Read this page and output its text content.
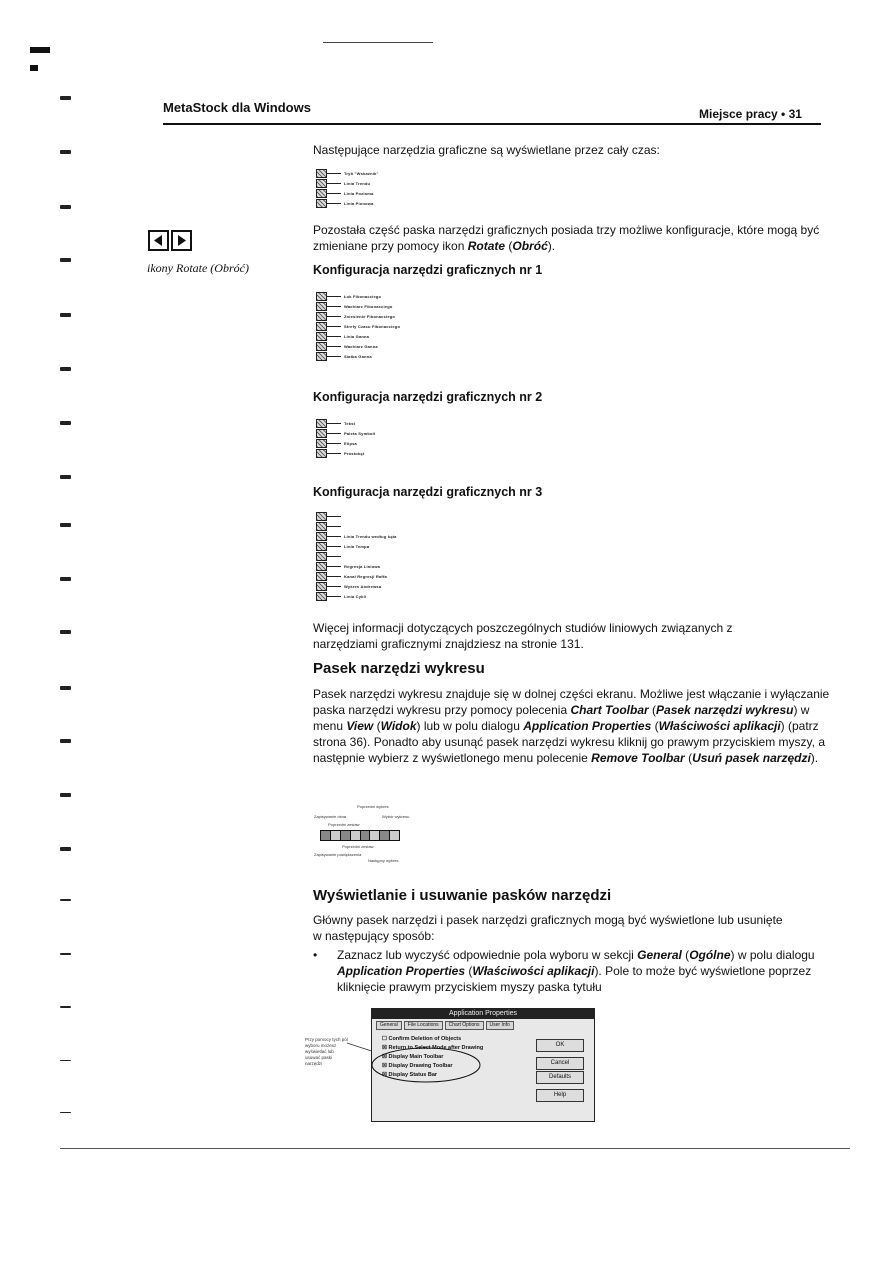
MetaStock dla Windows	Miejsce pracy • 31
Następujące narzędzia graficzne są wyświetlane przez cały czas:
Tryb "Wskaźnik"
Linia Trendu
Linia Pozioma
Linia Pionowa
ikony Rotate (Obróć)
Pozostała część paska narzędzi graficznych posiada trzy możliwe konfiguracje, które mogą być zmieniane przy pomocy ikon Rotate (Obróć).
Konfiguracja narzędzi graficznych nr 1
Łuk Fibonacciego
Wachlarz Fibonacciego
Zniesienie Fibonacciego
Strefy Czasu Fibonacciego
Linia Ganna
Wachlarz Ganna
Siatka Ganna
Konfiguracja narzędzi graficznych nr 2
Tekst
Paleta Symboli
Elipsa
Prostokąt
Konfiguracja narzędzi graficznych nr 3
Linia Trendu według kąta
Linia Tempa
Regresja Liniowa
Kanał Regresji Raffa
Wykres Andrewsa
Linia Cykli
Więcej informacji dotyczących poszczególnych studiów liniowych związanych z narzędziami graficznymi znajdziesz na stronie 131.
Pasek narzędzi wykresu
Pasek narzędzi wykresu znajduje się w dolnej części ekranu. Możliwe jest włączanie i wyłączanie paska narzędzi wykresu przy pomocy polecenia Chart Toolbar (Pasek narzędzi wykresu) w menu View (Widok) lub w polu dialogu Application Properties (Właściwości aplikacji) (patrz strona 36). Ponadto aby usunąć pasek narzędzi wykresu kliknij go prawym przyciskiem myszy, a następnie wybierz z wyświetlonego menu polecenie Remove Toolbar (Usuń pasek narzędzi).
Poprzedni wykres
Zapisywanie okna
Poprzedni zestaw
Wybór wykresu
Poprzedni zestaw
Zapisywanie powiększenia
Następny wykres
Wyświetlanie i usuwanie pasków narzędzi
Główny pasek narzędzi i pasek narzędzi graficznych mogą być wyświetlone lub usunięte w następujący sposób:
•	Zaznacz lub wyczyść odpowiednie pola wyboru w sekcji General (Ogólne) w polu dialogu Application Properties (Właściwości aplikacji). Pole to może być wyświetlone poprzez kliknięcie prawym przyciskiem myszy paska tytułu
Przy pomocy tych pól wyboru możesz wyświetlać lub usuwać paski narzędzi
Application Properties
General	File Locations	Chart Options	User Info
☐ Confirm Deletion of Objects
☒ Return to Select Mode after Drawing
☒ Display Main Toolbar
☒ Display Drawing Toolbar
☒ Display Status Bar
OK
Cancel
Defaults
Help
